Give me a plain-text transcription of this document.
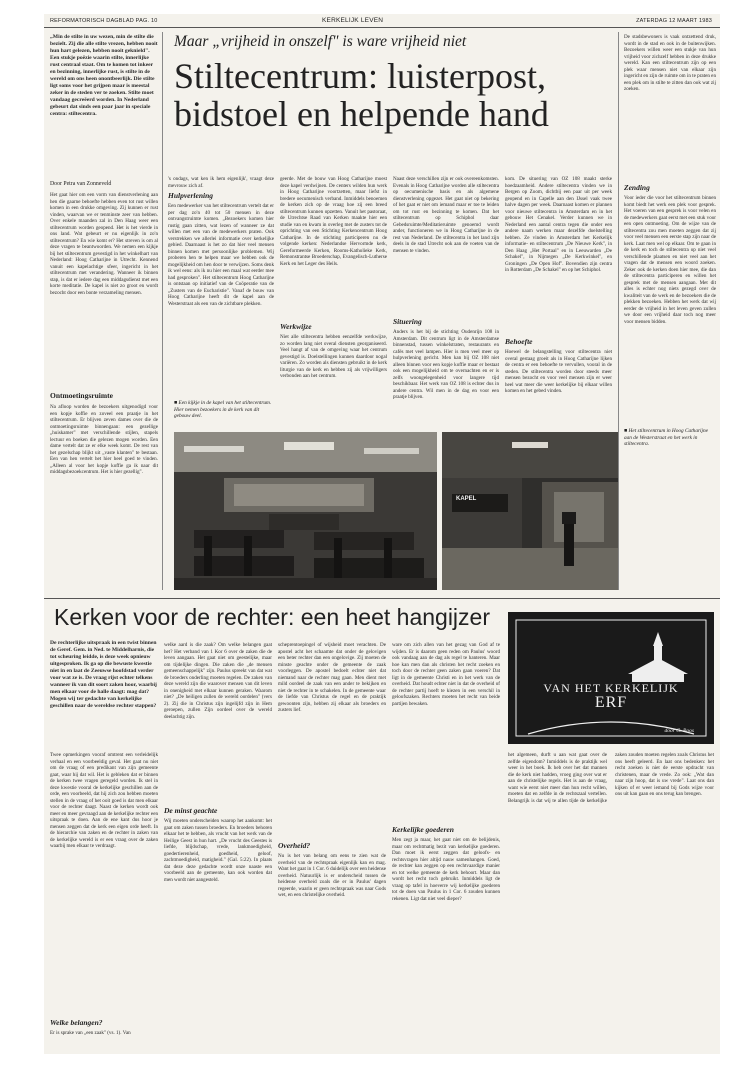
REFORMATORISCH DAGBLAD PAG. 10	KERKELIJK LEVEN	ZATERDAG 12 MAART 1983
„Min de stilte in uw wezen, min de stilte die bezielt. Zij die alle stilte vrezen, hebben nooit hun hart gelezen, hebben nooit geknield". Een stukje poëzie waarin stilte, innerlijke rust centraal staat. Om te komen tot inkeer en bezinning, innerlijke rust, is stilte in de wereld om ons heen onontbeerlijk. Die stilte ligt soms voor het grijpen maar is meestal zeker in de steden ver te zoeken. Stilte moet vandaag gecreëerd worden. In Nederland gebeurt dat sinds een paar jaar in speciale centra: stiltecentra.
Door Petra van Zonneveld
Het gaat hier om een vorm van dienstverlening aan hen die gaarne behoefte hebben even tot rust willen komen in een drukke omgeving. Zij kunnen er rust vinden, waarvan we er tenminste zeer van hebben. Over enkele maanden zal in Den Haag weer een stiltecentrum worden geopend. Het is het vierde in ons land. Wat gebeurt er nu eigenlijk in zo'n stiltecentrum? En wie komt er? Het streven is om al deze vragen te beantwoorden. We nemen een kijkje bij het stiltecentrum gevestigd in het winkelhart van Nederland: Hoog Catharijne in Utrecht. Kennend vanuit een kapelachtige sfeer, ingericht in het stiltecentrum met verandering. Wanneer ik binnen stap, is dat er iedere dag een middagsdienst met een korte meditatie. De kapel is niet zo groot en wordt bezocht door een bonte verzameling mensen.
Ontmoetingsruimte
Na afloop worden de bezoekers uitgenodigd voor een kopje koffie en zoveel een praatje in het stiltecentrum. Er blijven zeven dames over die de ontmoetingsruimte binnengaan: een gezellige „huiskamer" met verschillende stijlen, stapels lectuur en boeken die gelezen mogen worden. Een dame vertelt dat ze er elke week komt. De rest van het gezelschap blijkt uit „vaste klanten" te bestaan. Een van hen vertelt het hier heel goed te vinden. „Alleen al voor het kopje koffie ga ik naar dit middagsbezoekcentrum. Het is hier gezellig".
Maar „vrijheid in onszelf" is ware vrijheid niet
Stiltecentrum: luisterpost,
bidstoel en helpende hand
's ondags, wat ken ik hem eigenlijk', vraagt deze mevrouw zich af.
Hulpverlening
Een medewerker van het stiltecentrum vertelt dat er per dag zo'n 40 tot 50 mensen in deze ontvangstruimte komen. „Bezoekers komen hier rustig gaan zitten, wat lezen of wanneer ze dat willen met een van de medewerkers praten. Ook verstrekken we allerlei informatie over kerkelijke gebied. Daarnaast is het zo dat hier veel mensen binnen komen met persoonlijke problemen. Wij proberen hen te helpen maar we hebben ook de mogelijkheid om hen door te verwijzen. Soms denk ik wel eens: als ik nu hier een maal wat eerder mee had gesproken". Het stiltecentrum Hoog Catharijne is ontstaan op initiatief van de Coöperatie van de „Zusters van de Eucharistie". Vanaf de bouw van Hoog Catharijne heeft dit de kapel aan de Westerstraat als een van de zichtbare plekken.
■ Een kijkje in de kapel van het stiltecentrum. Hier nemen bezoekers in de kerk van dit gebouw deel.
geerde. Met de bouw van Hoog Catharijne moest deze kapel verdwijnen. De centers wilden hun werk in Hoog Catharijne voortzetten, maar liefst in bredere oecumenisch verband. Inmiddels benoemen de kerken zich op de vraag hoe zij een breed stiltecentrum kunnen opzetten. Vanuit het pastoraat, de Utrechtse Raad van Kerken maakte hier een studie van en kwam in overleg met de zusters tot de oprichting van een Stichting Kerkencentrum Hoog Catharijne. In de stichting participeren nu de volgende kerken: Nederlandse Hervormde kerk, Gereformeerde Kerken, Rooms-Katholieke Kerk, Remonstrantse Broederschap, Evangelisch-Lutherse Kerk en het Leger des Heils.
Werkwijze
Niet alle stiltecentra hebben eenzelfde werkwijze, zo worden lang niet overal diensten georganiseerd. Veel hangt af van de omgeving waar het centrum gevestigd is. Doelstellingen kunnen daardoor nogal variëren. Zo worden als diensten gebruikt in de kerk liturgie van de kerk en hebben zij als vrijwilligers verbonden aan het centrum.
Naast deze verschillen zijn er ook overeenkomsten. Evenals in Hoog Catharijne worden alle stiltecentra op oecumenische basis en als algemene dienstverlening opgezet. Het gaat niet op bekering of het gaat er niet om iemand maar er toe te leiden om tot rust en bezinning te komen. Dat het stiltecentrum op Schiphol daar Gebedsruimte/Meditatieruimte genoemd wordt ander, functioneren we in Hoog Catharijne in de rest van Nederland. De stiltecentra in het land zijn deels in de stad Utrecht ook aan de voeten van de mensen te vinden.
Situering
Anders is het bij de stichting Oudenrijn 108 in Amsterdam. Dit centrum ligt in de Amsterdamse binnenstad, tussen winkelstraten, restaurants en cafés met veel lampen. Hier is men veel meer op hulpverlening gericht. Men kan bij OZ 108 niet alleen binnen voor een kopje koffie maar er bestaat ook een mogelijkheid om te overnachten en er is zelfs woongelegenheid voor langere tijd beschikbaar. Het werk van OZ 108 is echter dus in andere centra. Wil men in de dag en voor een praatje blijven.
kom. De situering van OZ 108 maakt sterke hoedzaamheid. Andere stiltecentra vinden we in Bergen op Zoom, dichtbij een paar uit per week geopend en in Capelle aan den IJssel vaak twee halve dagen per week. Daarnaast komen er plannen voor nieuwe stiltecentra in Amsterdam en in het gebouw Het Cenakel. Verder kunnen we in Nederland een aantal centra tegen die onder een andere naam werken maar dezelfde doelstelling hebben. Ze vinden in Amsterdam het Kerkelijk informatie- en stiltecentrum „De Nieuwe Kerk", in Den Haag „Het Portaal" en in Leeuwarden „De Schakel", in Nijmegen „De Kerkwinkel", en Groningen „De Open Hof". Bovendien zijn centra in Rotterdam „De Schakel" en op het Schiphol.
Behoefte
Hoewel de belangstelling voor stiltecentra niet overal gestaag groeit als in Hoog Catharijne lijken de centra er een behoefte te vervullen, vooral in de steden. De stiltecentra worden door steeds meer mensen bezocht en voor veel mensen zijn er weer heel wat meer die weer kerkelijke bij elkaar willen komen en het gebed vinden.
De stadsbewoners is vaak ontzettend druk, wordt in de stad en ook in de buitenwijken. Bezoekers willen weer een stukje van hun vrijheid voor zichzelf hebben in deze drukke wereld. Kan een stiltecentrum zijn op een plek waar mensen niet van elkaar zijn ingericht en zijn de ruimte om in te praten en een plek om in stilte te zitten dan ook wat zij zoeken.
Zending
Voor ieder die voor het stiltecentrum binnen komt biedt het werk een plek voor gesprek. Het voeren van een gesprek is voor velen en de medewerkers gaat eerst met een stuk voor een open ontmoeting. Om de wijze van de stiltecentra zou men moeten zeggen dat zij voor veel mensen een eerste stap zijn naar de kerk. Laat men wel op elkaar. Om te gaan in de kerk en toch de stiltecentra op niet veel verschillende plaatsen en niet veel aan het vragen dat de mensen een woord zoeken. Zeker ook de kerken doen hier mee, die dan de stiltecentra participeren en willen het gesprek met de mensen aangaan. Met dit alles is echter nog niets gezegd over de kwaliteit van de werk en de bezoekers die de plekken bezoeken. Hebben het werk dat wij eerder de vrijheid in het leven geven zullen we door een vrijheid daar toch nog meer voor mensen bidden.
■ Het stiltecentrum in Hoog Catharijne aan de Westerstraat en het werk in stiltecentra.
KAPEL
Kerken voor de rechter: een heet hangijzer
De rechterlijke uitspraak in een twist binnen de Geref. Gem. in Ned. te Middelharnis, die tot scheuring leidde, is deze week opnieuw uitgesproken. Ik ga op die bewuste kwestie niet in en laat de Zeeuwse hoofdstad verder voor wat ze is. De vraag rijst echter telkens wanneer ik van dit soort zaken hoor, waarbij men elkaar voor de halle daagt: mag dat? Mogen wij ter gedachte van kerkelijke geschillen naar de wereldse rechter stappen?
Twee opmerkingen vooraf omtrent een verleidelijk verhaal en een voorbeeldig geval. Het gaat nu niet om de vraag of een predikant van zijn gemeente gaat, waar hij dat wil. Het is gebleken dat er binnen de kerken twee vragen geregeld worden. Ik stel in deze kwestie vooral de kerkelijke geschillen aan de orde, een voorbeeld, dat hij zich zou hebben moeten stellen in de vraag of het ooit goed is dat men elkaar voor de rechter daagt. Naast de kerken wordt ook meer en meer gevraagd aan de kerkelijke rechter een uitspraak te doen. Aan de ene kant dus hoor je mensen zeggen dat de kerk een eigen orde heeft. In de hierarchie van zaken en de rechter in zaken van de kerkelijke wereld is er een vraag over de zaken waarbij men elkaar te verdraagt.
Welke belangen?
Er is sprake van „een zaak" (vs. 1). Van
welke aard is die zaak? Om welke belangen gaat het? Het verband van 1 Kor 6 over de zaken die de leven aangaan. Het gaat niet om geestelijke, maar om tijdelijke dingen. Die zaken die „de mensen gemeenschappelijk" zijn. Paulus spreekt van dat wat de broeders onderling moeten regelen. De zaken van deze wereld zijn die waarover mensen van dit leven in onenigheid met elkaar kunnen geraken. Waarom niet? „De heiligen zullen de wereld oordelen" (vers 2). Zij die in Christus zijn ingelijfd zijn in Hem geroepen, zullen Zijn oordeel over de wereld deelachtig zijn.
De minst geachte
Wij moeten onderscheiden waarop het aankomt: het gaat om zaken tussen broeders. En broeders behoren elkaar het te hebben, als vrucht van het werk van de Heilige Geest in hun hart. „De vrucht des Geestes is liefde, blijdschap, vrede, lankmoedigheid, goedertierenheid, goedheid, geloof, zachtmoedigheid, matigheid." (Gal. 5:22). In plaats dat deze deze gedachte wordt onze naaste een voorbeeld aan de gemeente, kan ook worden dat men wordt niet aangesteld.
scheprentoepingel of wijsheid moet verachten. De apostel acht het schaamte dat onder de gelovigen een beter rechter dan een ongelovige. Zij moeten de minste geachte onder de gemeente de zaak voorleggen. De apostel bedoelt echter niet dat niemand naar de rechter mag gaan. Men dient met mild oordeel de zaak van een ander te bekijken en niet de rechter in te schakelen. In de gemeente waar de liefde van Christus de regel en de praktijk gewoonten zijn, hebben zij elkaar als broeders en zusters lief.
Overheid?
Nu is het van belang om eens te zien wat de overheid van de rechtspraak eigenlijk kan en mag. Want het gaat in 1 Cor. 6 duidelijk over een heidense overheid. Natuurlijk is er onderscheid tussen de heidense overheid zoals die er in Paulus' dagen regeerde, waarin er geen rechtspraak was naar Gods wet, en een christelijke overheid.
ware om zich allen van het gezag van God af te wijden. Er is daarom geen reden om Paulus' woord ook vandaag aan de dag als regel te hanteren. Maar hoe kan men dan als christen het recht zoeken en toch door de rechter geen zaken gaan voeren? Dat ligt in de gemeente Christi en in het werk van de overheid. Dat houdt echter niet in dat de overheid of de rechter partij hoeft te kiezen in een verschil in geloofszaken. Rechters moeten het recht van beide partijen bewaken.
Kerkelijke goederen
Men zegt ja maar, het gaat niet om de belijdenis, maar om rechtmatig bezit van kerkelijke goederen. Dan moet ik eerst zeggen dat geloofs- en rechtsvragen hier altijd nauw samenhangen. Goed, de rechter kan zeggen op een rechtvaardige manier en tot welke gemeente de kerk behoort. Maar dan wordt het recht toch gebruikt. Inmiddels ligt de vraag op tafel in hoeverre wij kerkelijke goederen tot de doen van Paulus in 1 Cor. 6 zouden kunnen rekenen. Ligt dat niet veel dieper?
VAN HET KERKELIJK
ERF
door G. Roos
het algemeen, durft u aan wat gaat over de zelfde eigendom? Inmiddels is de praktijk wel weer in het boek. Ik heb over het dat mannen die de kerk niet hadden, vroeg ging over wat er aan de christelijke regels. Het is aan de vraag, want wie eerst niet meer dan hun recht willen, moeten dat en zelfde in de rechtszaal vertellen. Belangrijk is dat wij te allen tijde de kerkelijke zaken zouden moeten regelen zoals Christus het ons heeft geleerd. En laat ons bedenken: het recht zoeken is niet de eerste opdracht van christenen, maar de vrede. Zo ook: „Wat dan naar zijn hoop, dat is uw vrede". Laat ons dan kijken of er weer iemand bij Gods wijze voor ons uit kan gaan en ons terug kan brengen.
